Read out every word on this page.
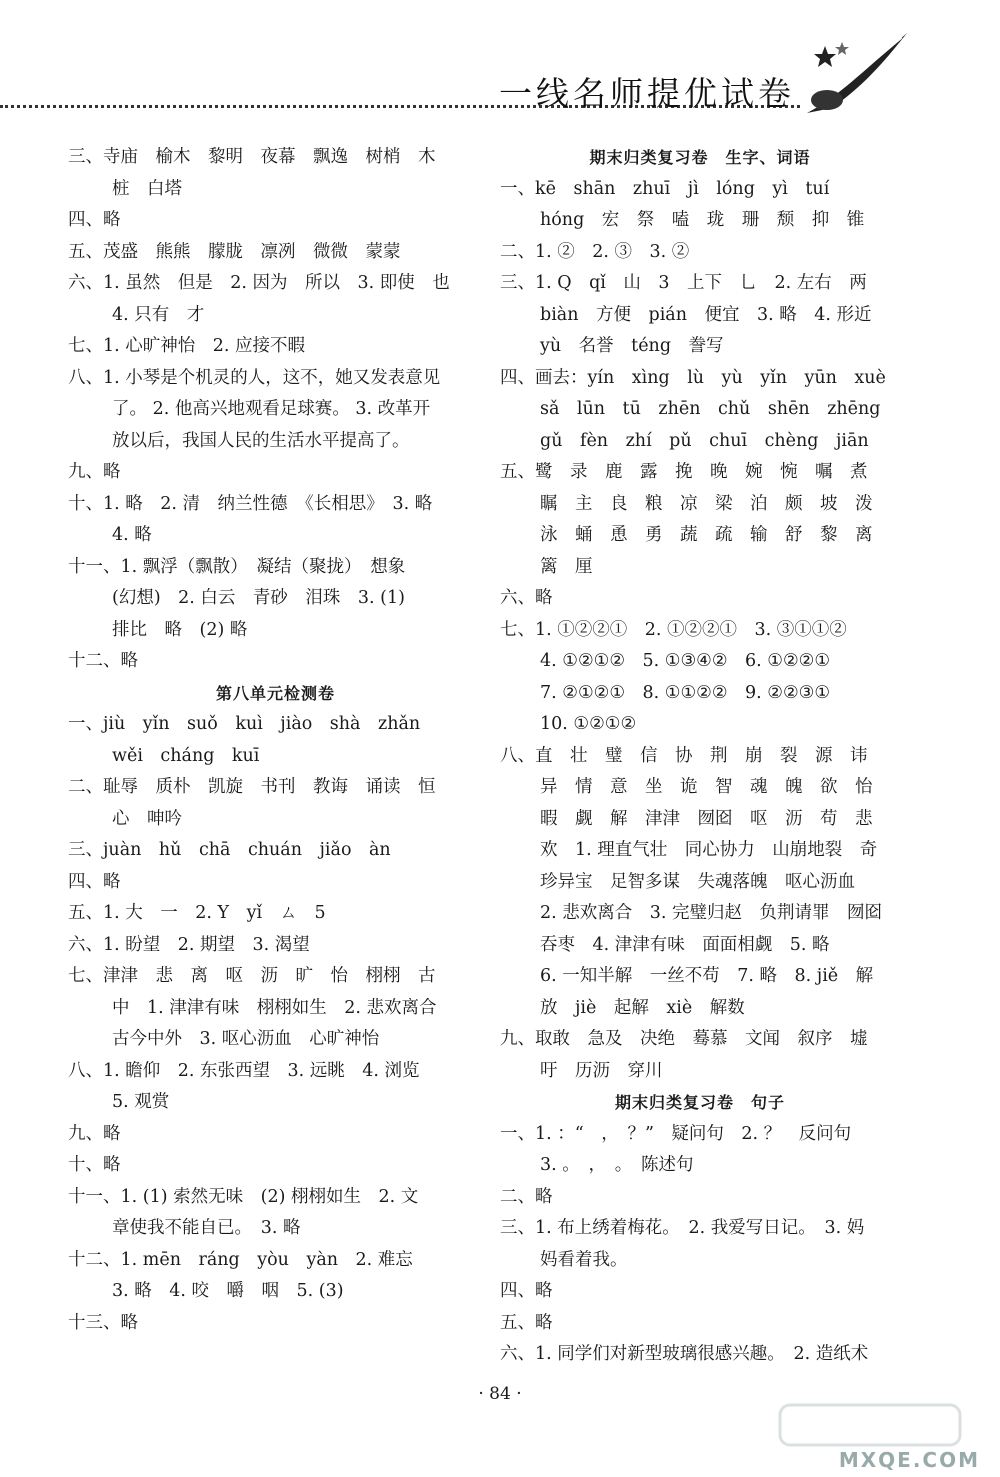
一线名师提优试卷
三、寺庙　榆木　黎明　夜幕　飘逸　树梢　木
桩　白塔
四、略
五、茂盛　熊熊　朦胧　凛冽　微微　蒙蒙
六、1. 虽然　但是　2. 因为　所以　3. 即使　也
4. 只有　才
七、1. 心旷神怡　2. 应接不暇
八、1. 小琴是个机灵的人，这不，她又发表意见
了。 2. 他高兴地观看足球赛。 3. 改革开
放以后，我国人民的生活水平提高了。
九、略
十、1. 略　2. 清　纳兰性德　《长相思》　3. 略
4. 略
十一、1. 飘浮（飘散）　凝结（聚拢）　想象
(幻想)　2. 白云　青砂　泪珠　3. (1)
排比　略　(2) 略
十二、略
第八单元检测卷
一、jiù　yǐn　suǒ　kuì　jiào　shà　zhǎn
wěi　cháng　kuī
二、耻辱　质朴　凯旋　书刊　教诲　诵读　恒
心　呻吟
三、juàn　hǔ　chā　chuán　jiǎo　àn
四、略
五、1. 大　一　2. Y　yǐ　ㄙ　5
六、1. 盼望　2. 期望　3. 渴望
七、津津　悲　离　呕　沥　旷　怡　栩栩　古
中　1. 津津有味　栩栩如生　2. 悲欢离合
古今中外　3. 呕心沥血　心旷神怡
八、1. 瞻仰　2. 东张西望　3. 远眺　4. 浏览
5. 观赏
九、略
十、略
十一、1. (1) 索然无味　(2) 栩栩如生　2. 文
章使我不能自已。　3. 略
十二、1. mēn　ráng　yòu　yàn　2. 难忘
3. 略　4. 咬　嚼　咽　5. (3)
十三、略
期末归类复习卷　生字、词语
一、kē　shān　zhuī　jì　lóng　yì　tuí
hóng　宏　祭　嗑　珑　珊　颓　抑　锥
二、1. ②　2. ③　3. ②
三、1. Q　qǐ　山　3　上下　乚　2. 左右　两
biàn　方便　pián　便宜　3. 略　4. 形近
yù　名誉　téng　誊写
四、画去：yín　xìng　lù　yù　yǐn　yūn　xuè
sǎ　lūn　tū　zhēn　chǔ　shēn　zhēng
gǔ　fèn　zhí　pǔ　chuī　chèng　jiān
五、鹭　录　鹿　露　挽　晚　婉　惋　嘱　煮
瞩　主　良　粮　凉　梁　泊　颇　坡　泼
泳　蛹　恿　勇　蔬　疏　输　舒　黎　离
篱　厘
六、略
七、1. ①②②①　2. ①②②①　3. ③①①②
4. ①②①②　5. ①③④②　6. ①②②①
7. ②①②①　8. ①①②②　9. ②②③①
10. ①②①②
八、直　壮　璧　信　协　荆　崩　裂　源　讳
异　情　意　坐　诡　智　魂　魄　欲　怡
暇　觑　解　津津　囫囵　呕　沥　苟　悲
欢　1. 理直气壮　同心协力　山崩地裂　奇
珍异宝　足智多谋　失魂落魄　呕心沥血
2. 悲欢离合　3. 完璧归赵　负荆请罪　囫囵
吞枣　4. 津津有味　面面相觑　5. 略
6. 一知半解　一丝不苟　7. 略　8. jiě　解
放　jiè　起解　xiè　解数
九、取敢　急及　决绝　蓦慕　文闻　叙序　墟
吁　历沥　穿川
期末归类复习卷　句子
一、1. ：“　，　？”　疑问句　2. ？　反问句
3. 。　，　。　陈述句
二、略
三、1. 布上绣着梅花。　2. 我爱写日记。　3. 妈
妈看着我。
四、略
五、略
六、1. 同学们对新型玻璃很感兴趣。　2. 造纸术
· 84 ·
MXQE.COM
